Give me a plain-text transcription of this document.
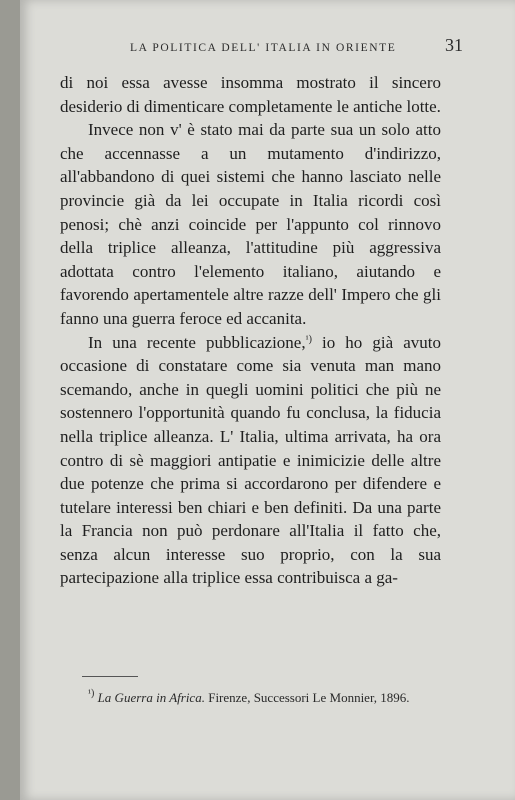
LA POLITICA DELL' ITALIA IN ORIENTE	31

di noi essa avesse insomma mostrato il sincero desiderio di dimenticare completamente le antiche lotte.

Invece non v' è stato mai da parte sua un solo atto che accennasse a un mutamento d'indirizzo, all'abbandono di quei sistemi che hanno lasciato nelle provincie già da lei occupate in Italia ricordi così penosi; chè anzi coincide per l'appunto col rinnovo della triplice alleanza, l'attitudine più aggressiva adottata contro l'elemento italiano, aiutando e favorendo apertamentele altre razze dell' Impero che gli fanno una guerra feroce ed accanita.

In una recente pubblicazione,$^{^1)}$ io ho già avuto occasione di constatare come sia venuta man mano scemando, anche in quegli uomini politici che più ne sostennero l'opportunità quando fu conclusa, la fiducia nella triplice alleanza. L' Italia, ultima arrivata, ha ora contro di sè maggiori antipatie e inimicizie delle altre due potenze che prima si accordarono per difendere e tutelare interessi ben chiari e ben definiti. Da una parte la Francia non può perdonare all'Italia il fatto che, senza alcun interesse suo proprio, con la sua partecipazione alla triplice essa contribuisca a ga-

$^{^1)}$ La Guerra in Africa. Firenze, Successori Le Monnier, 1896.
